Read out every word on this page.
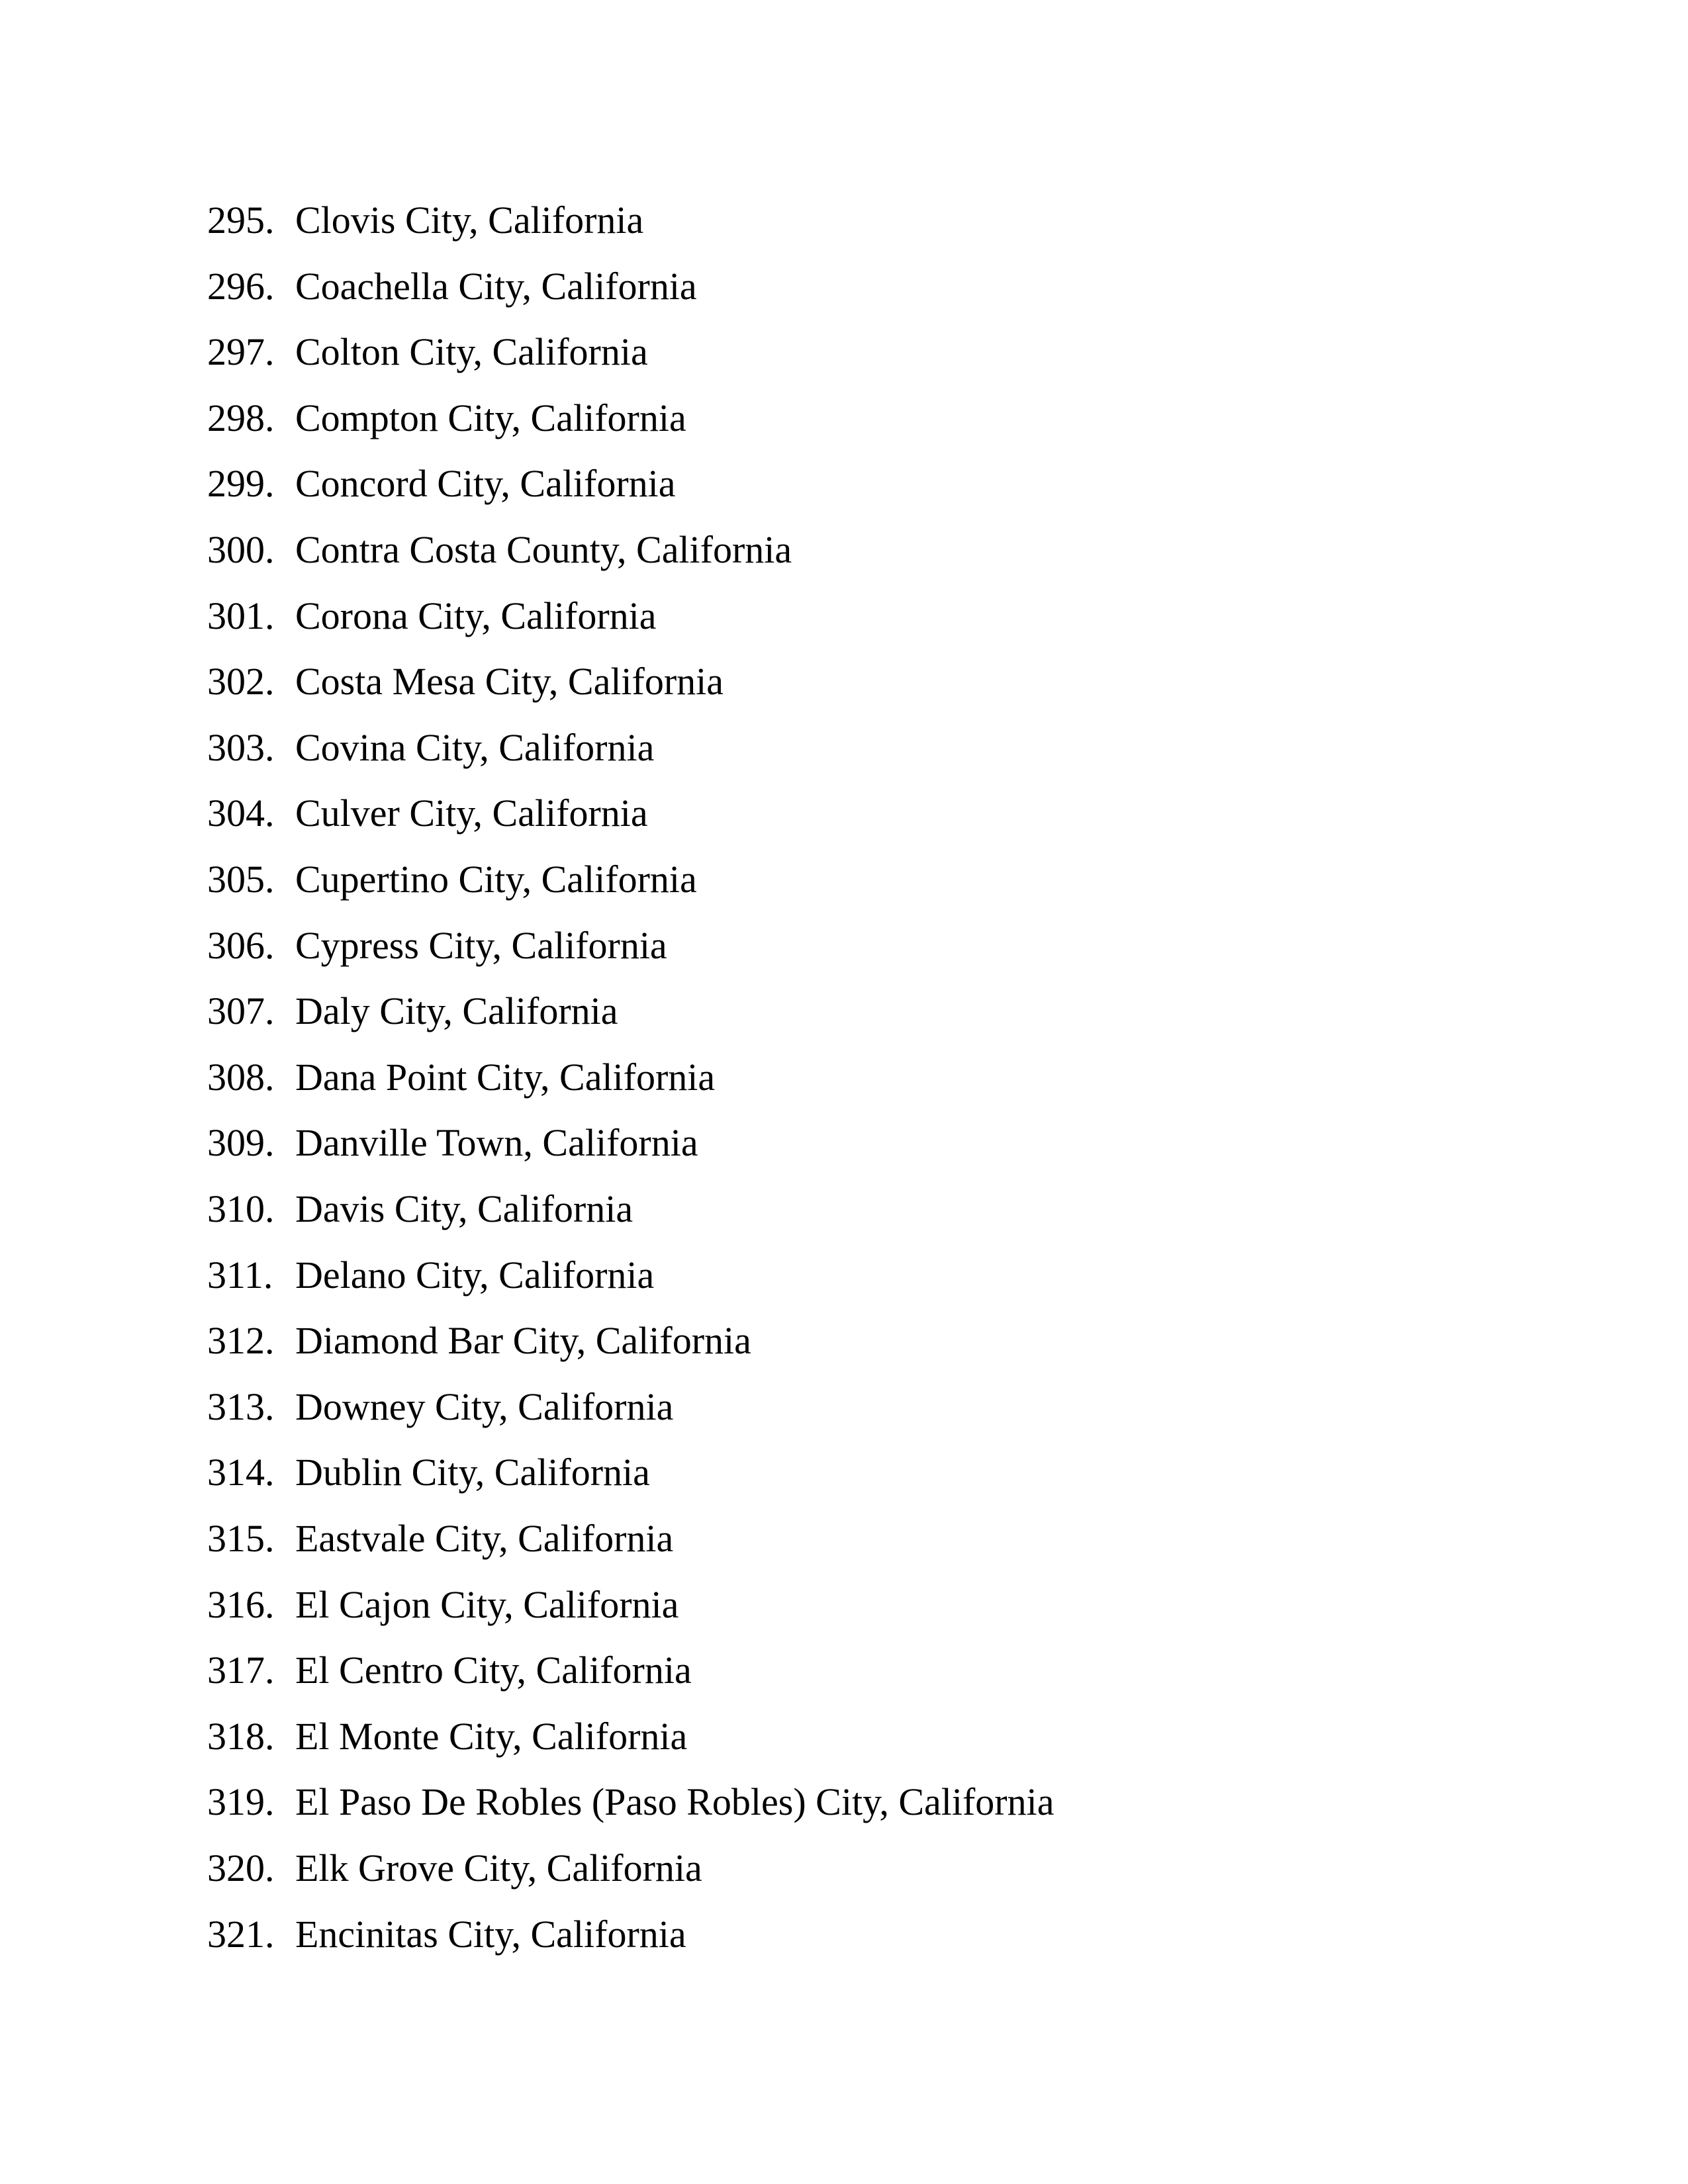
295. Clovis City, California
296. Coachella City, California
297. Colton City, California
298. Compton City, California
299. Concord City, California
300. Contra Costa County, California
301. Corona City, California
302. Costa Mesa City, California
303. Covina City, California
304. Culver City, California
305. Cupertino City, California
306. Cypress City, California
307. Daly City, California
308. Dana Point City, California
309. Danville Town, California
310. Davis City, California
311. Delano City, California
312. Diamond Bar City, California
313. Downey City, California
314. Dublin City, California
315. Eastvale City, California
316. El Cajon City, California
317. El Centro City, California
318. El Monte City, California
319. El Paso De Robles (Paso Robles) City, California
320. Elk Grove City, California
321. Encinitas City, California
